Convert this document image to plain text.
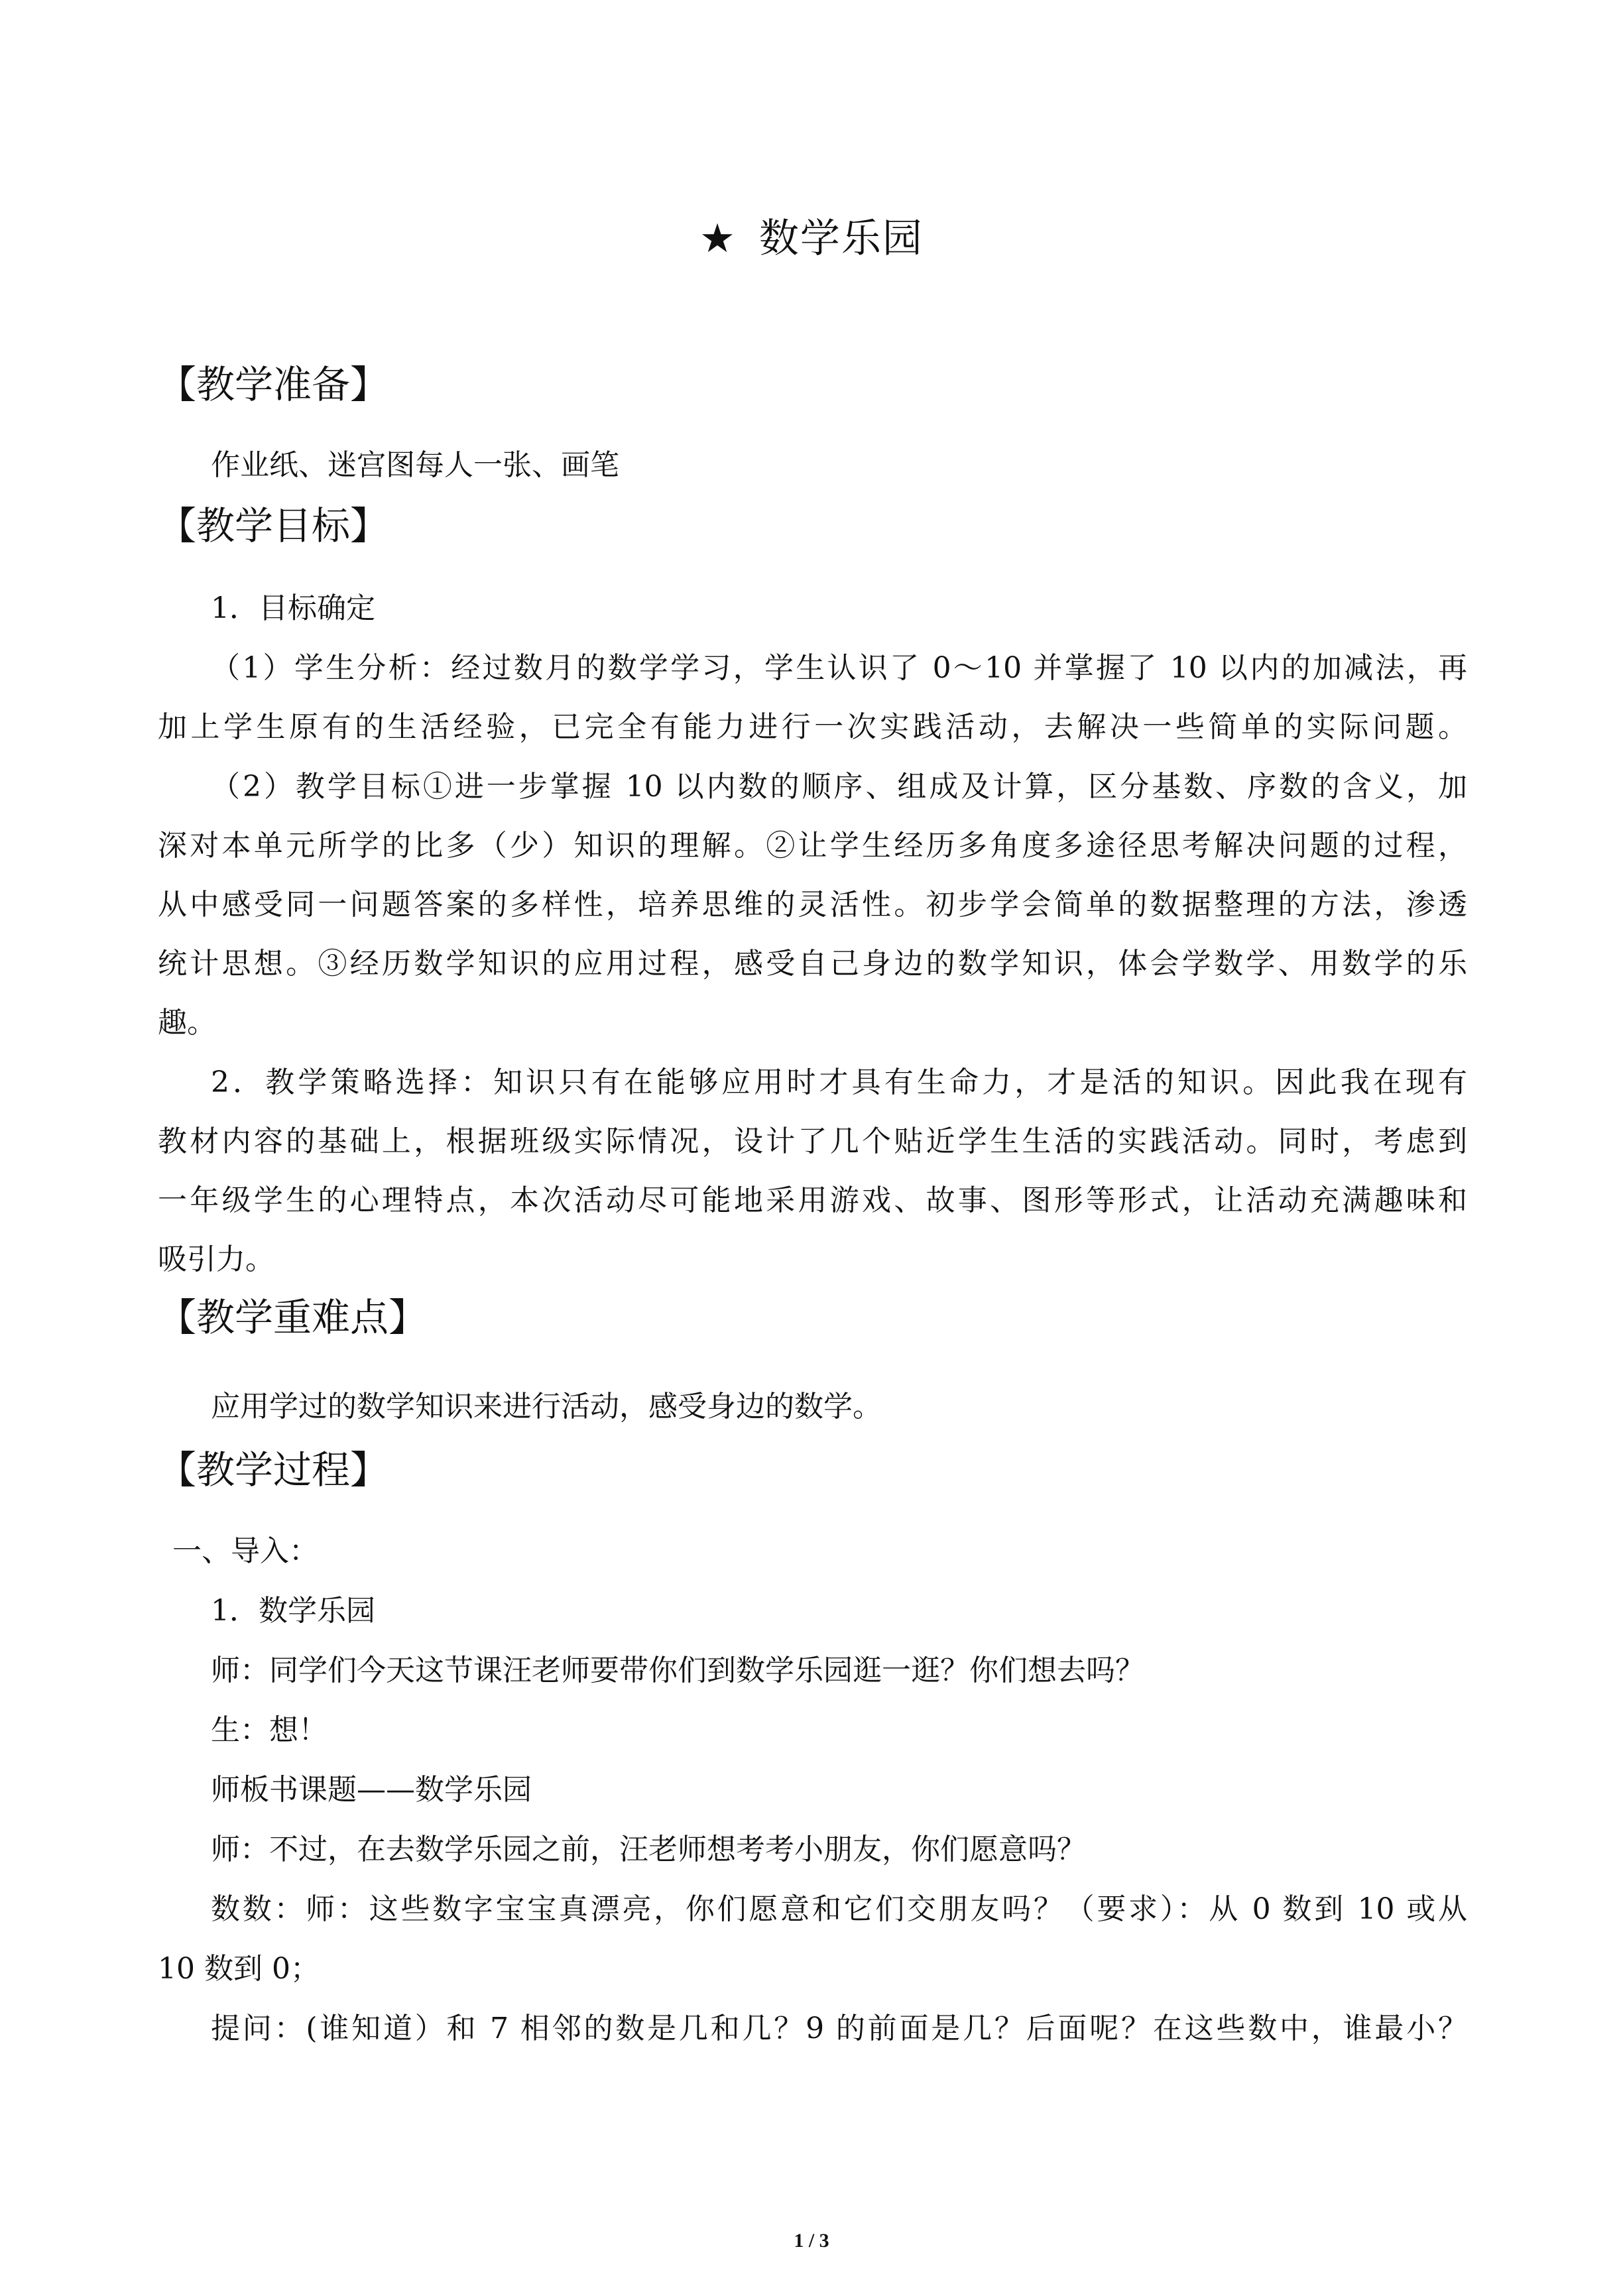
★ 数学乐园
【教学准备】
作业纸、迷宫图每人一张、画笔
【教学目标】
1．目标确定
（1）学生分析：经过数月的数学学习，学生认识了 0～10 并掌握了 10 以内的加减法，再
加上学生原有的生活经验，已完全有能力进行一次实践活动，去解决一些简单的实际问题。
（2）教学目标①进一步掌握 10 以内数的顺序、组成及计算，区分基数、序数的含义，加
深对本单元所学的比多（少）知识的理解。②让学生经历多角度多途径思考解决问题的过程，
从中感受同一问题答案的多样性，培养思维的灵活性。初步学会简单的数据整理的方法，渗透
统计思想。③经历数学知识的应用过程，感受自己身边的数学知识，体会学数学、用数学的乐
趣。
2．教学策略选择：知识只有在能够应用时才具有生命力，才是活的知识。因此我在现有
教材内容的基础上，根据班级实际情况，设计了几个贴近学生生活的实践活动。同时，考虑到
一年级学生的心理特点，本次活动尽可能地采用游戏、故事、图形等形式，让活动充满趣味和
吸引力。
【教学重难点】
应用学过的数学知识来进行活动，感受身边的数学。
【教学过程】
一、导入：
1．数学乐园
师：同学们今天这节课汪老师要带你们到数学乐园逛一逛？你们想去吗？
生：想！
师板书课题——数学乐园
师：不过，在去数学乐园之前，汪老师想考考小朋友，你们愿意吗？
数数：师：这些数字宝宝真漂亮，你们愿意和它们交朋友吗？（要求）：从 0 数到 10 或从
10 数到 0；
提问：(谁知道）和 7 相邻的数是几和几？9 的前面是几？后面呢？在这些数中，谁最小？
1 / 3
